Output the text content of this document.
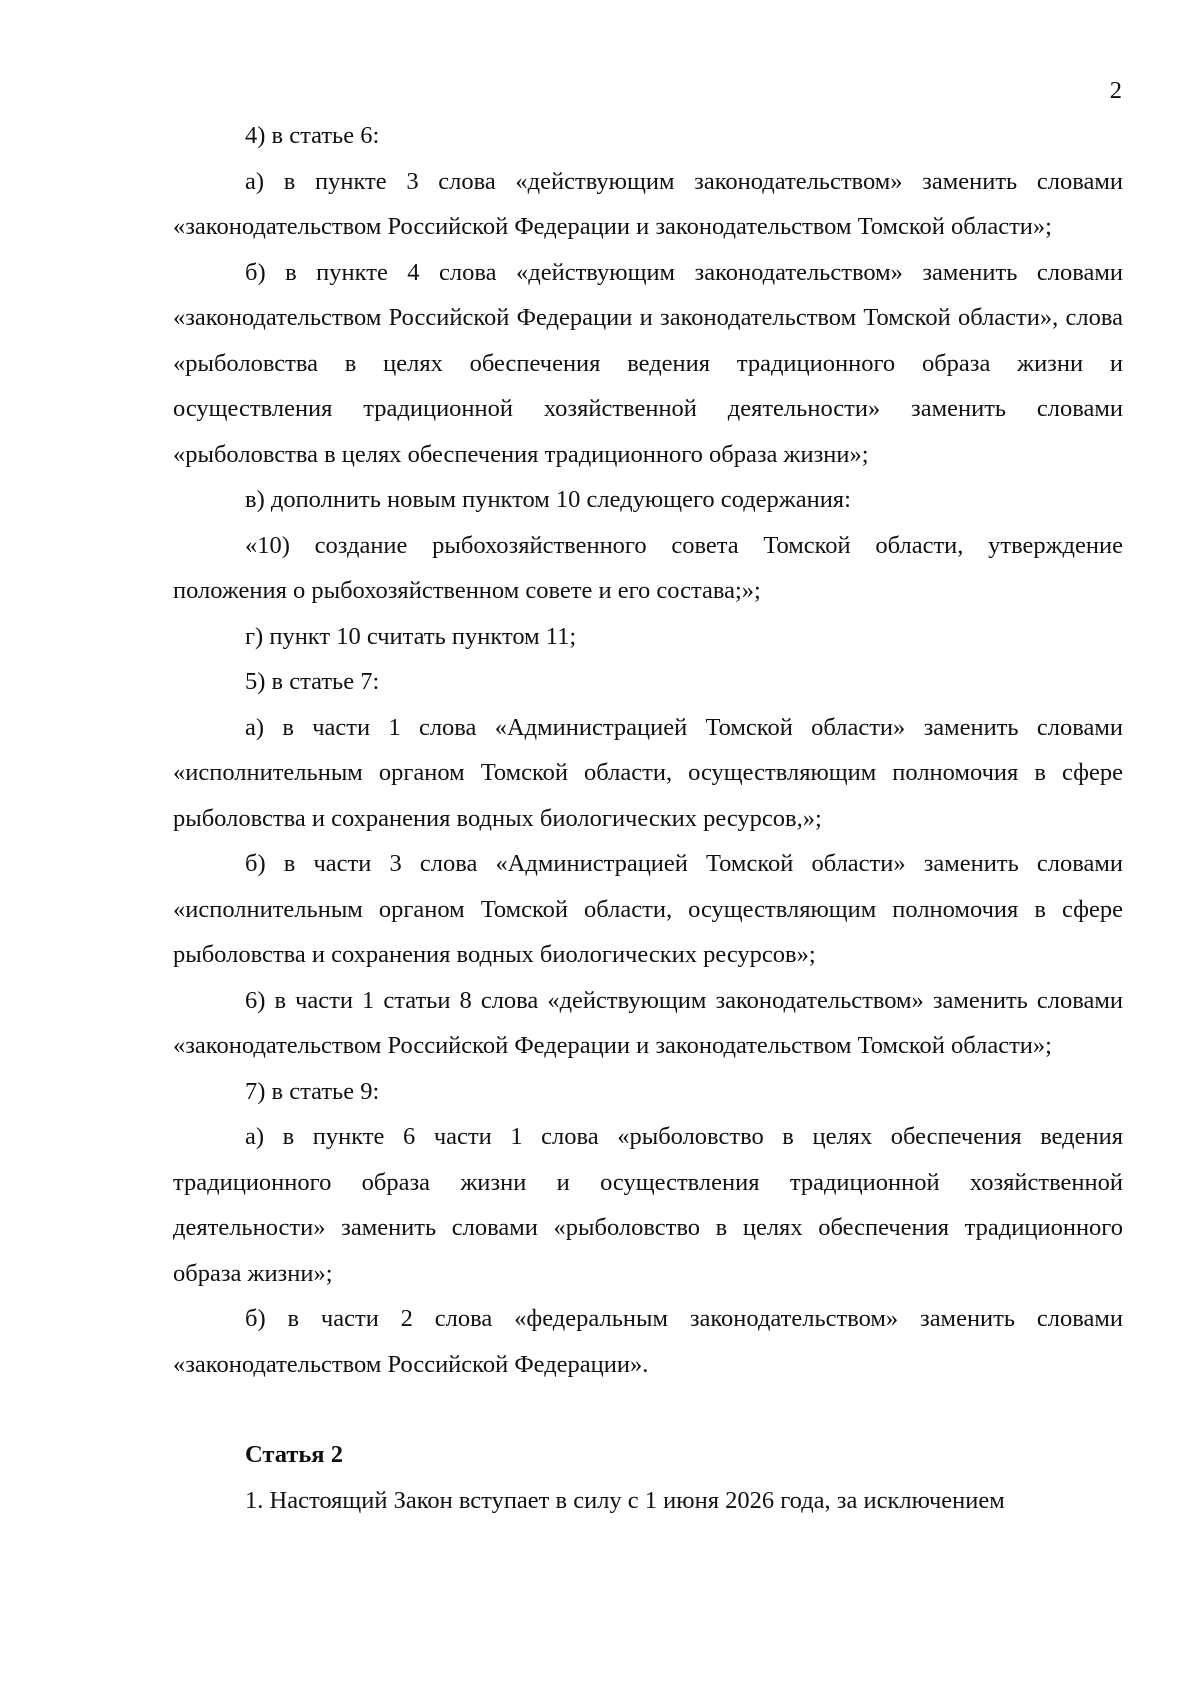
2

4) в статье 6:

а) в пункте 3 слова «действующим законодательством» заменить словами «законодательством Российской Федерации и законодательством Томской области»;

б) в пункте 4 слова «действующим законодательством» заменить словами «законодательством Российской Федерации и законодательством Томской области», слова «рыболовства в целях обеспечения ведения традиционного образа жизни и осуществления традиционной хозяйственной деятельности» заменить словами «рыболовства в целях обеспечения традиционного образа жизни»;

в) дополнить новым пунктом 10 следующего содержания:

«10) создание рыбохозяйственного совета Томской области, утверждение положения о рыбохозяйственном совете и его состава;»;

г) пункт 10 считать пунктом 11;

5) в статье 7:

а) в части 1 слова «Администрацией Томской области» заменить словами «исполнительным органом Томской области, осуществляющим полномочия в сфере рыболовства и сохранения водных биологических ресурсов,»;

б) в части 3 слова «Администрацией Томской области» заменить словами «исполнительным органом Томской области, осуществляющим полномочия в сфере рыболовства и сохранения водных биологических ресурсов»;

6) в части 1 статьи 8 слова «действующим законодательством» заменить словами «законодательством Российской Федерации и законодательством Томской области»;

7) в статье 9:

а) в пункте 6 части 1 слова «рыболовство в целях обеспечения ведения традиционного образа жизни и осуществления традиционной хозяйственной деятельности» заменить словами «рыболовство в целях обеспечения традиционного образа жизни»;

б) в части 2 слова «федеральным законодательством» заменить словами «законодательством Российской Федерации».

Статья 2

1. Настоящий Закон вступает в силу с 1 июня 2026 года, за исключением
